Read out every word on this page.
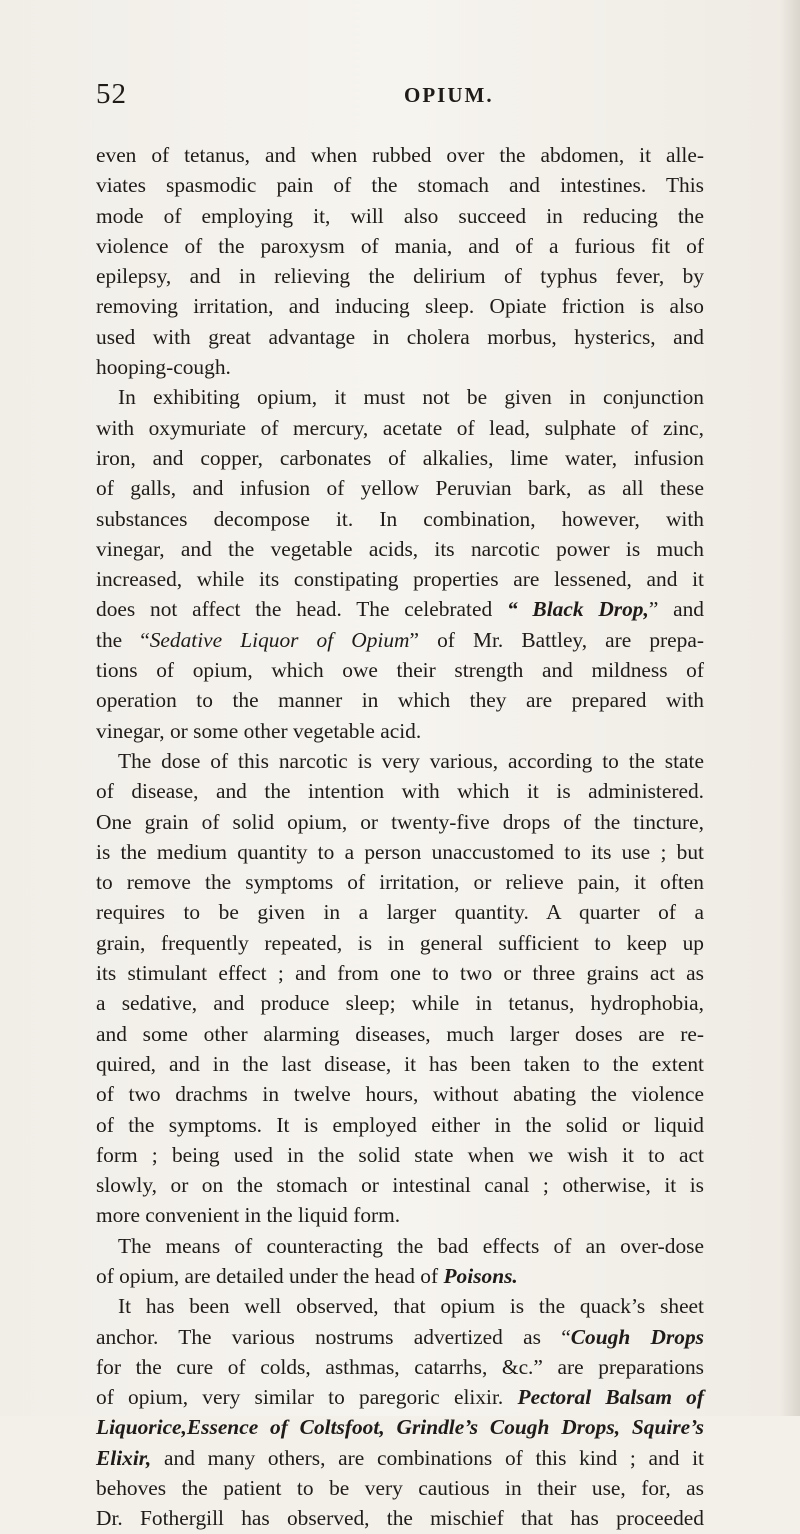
52	OPIUM.
even of tetanus, and when rubbed over the abdomen, it alle-
viates spasmodic pain of the stomach and intestines. This
mode of employing it, will also succeed in reducing the
violence of the paroxysm of mania, and of a furious fit of
epilepsy, and in relieving the delirium of typhus fever, by
removing irritation, and inducing sleep. Opiate friction is also
used with great advantage in cholera morbus, hysterics, and
hooping-cough.
In exhibiting opium, it must not be given in conjunction
with oxymuriate of mercury, acetate of lead, sulphate of zinc,
iron, and copper, carbonates of alkalies, lime water, infusion
of galls, and infusion of yellow Peruvian bark, as all these
substances decompose it. In combination, however, with
vinegar, and the vegetable acids, its narcotic power is much
increased, while its constipating properties are lessened, and it
does not affect the head. The celebrated “ Black Drop,” and
the “Sedative Liquor of Opium” of Mr. Battley, are prepa-
tions of opium, which owe their strength and mildness of
operation to the manner in which they are prepared with
vinegar, or some other vegetable acid.
The dose of this narcotic is very various, according to the state
of disease, and the intention with which it is administered.
One grain of solid opium, or twenty-five drops of the tincture,
is the medium quantity to a person unaccustomed to its use ; but
to remove the symptoms of irritation, or relieve pain, it often
requires to be given in a larger quantity. A quarter of a
grain, frequently repeated, is in general sufficient to keep up
its stimulant effect ; and from one to two or three grains act as
a sedative, and produce sleep; while in tetanus, hydrophobia,
and some other alarming diseases, much larger doses are re-
quired, and in the last disease, it has been taken to the extent
of two drachms in twelve hours, without abating the violence
of the symptoms. It is employed either in the solid or liquid
form ; being used in the solid state when we wish it to act
slowly, or on the stomach or intestinal canal ; otherwise, it is
more convenient in the liquid form.
The means of counteracting the bad effects of an over-dose
of opium, are detailed under the head of Poisons.
It has been well observed, that opium is the quack’s sheet
anchor. The various nostrums advertized as “Cough Drops
for the cure of colds, asthmas, catarrhs, &c.” are preparations
of opium, very similar to paregoric elixir. Pectoral Balsam of
Liquorice,Essence of Coltsfoot, Grindle’s Cough Drops, Squire’s
Elixir, and many others, are combinations of this kind ; and it
behoves the patient to be very cautious in their use, for, as
Dr. Fothergill has observed, the mischief that has proceeded
